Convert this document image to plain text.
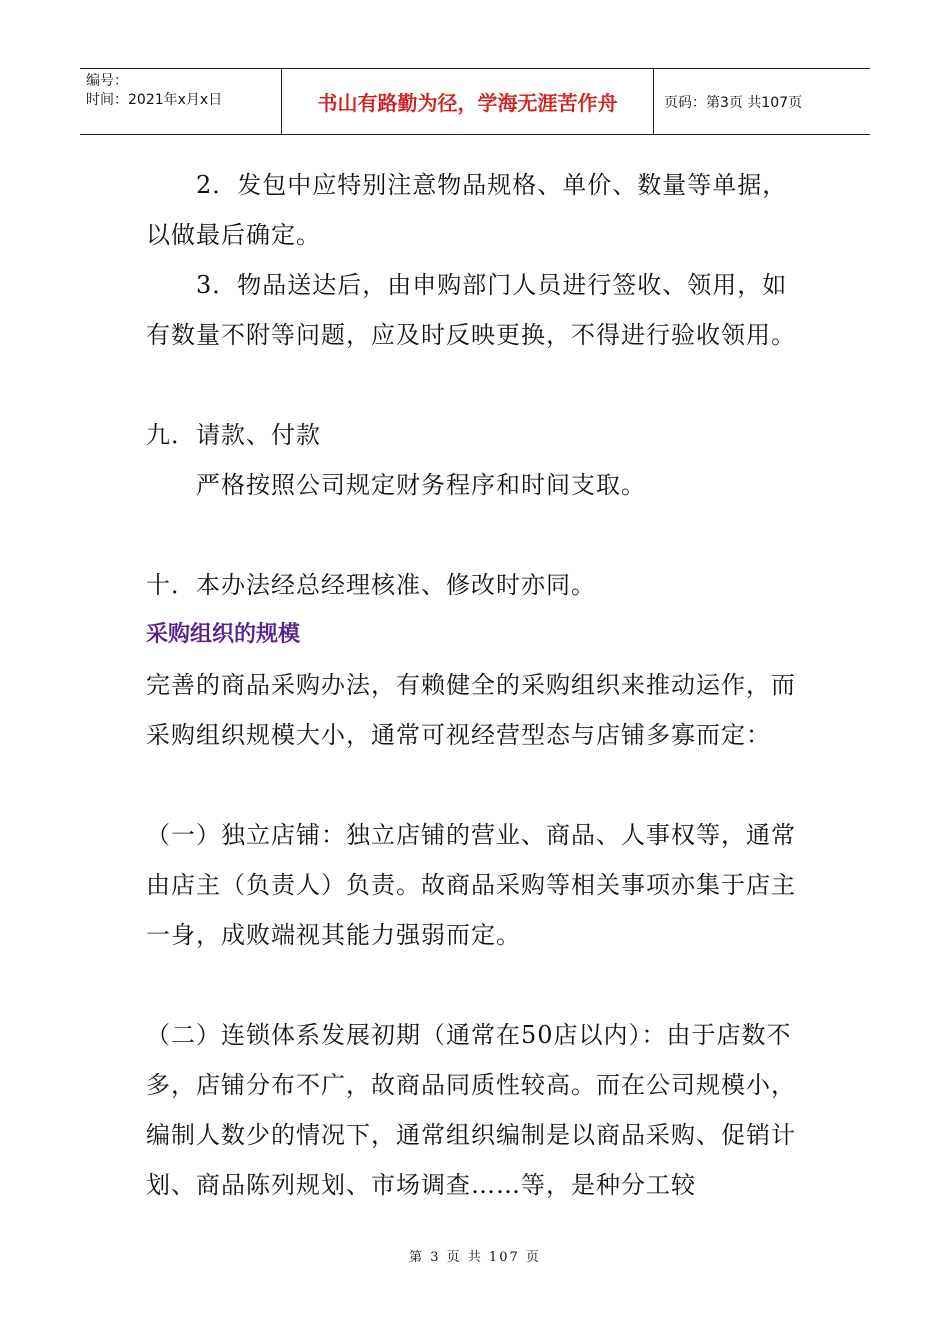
编号：
时间：2021年x月x日	书山有路勤为径，学海无涯苦作舟	页码：第3页 共107页

2．发包中应特别注意物品规格、单价、数量等单据，以做最后确定。

3．物品送达后，由申购部门人员进行签收、领用，如有数量不附等问题，应及时反映更换，不得进行验收领用。

九．请款、付款

严格按照公司规定财务程序和时间支取。

十．本办法经总经理核准、修改时亦同。

采购组织的规模

完善的商品采购办法，有赖健全的采购组织来推动运作，而采购组织规模大小，通常可视经营型态与店铺多寡而定：

（一）独立店铺：独立店铺的营业、商品、人事权等，通常由店主（负责人）负责。故商品采购等相关事项亦集于店主一身，成败端视其能力强弱而定。

（二）连锁体系发展初期（通常在50店以内）：由于店数不多，店铺分布不广，故商品同质性较高。而在公司规模小，编制人数少的情况下，通常组织编制是以商品采购、促销计划、商品陈列规划、市场调查……等，是种分工较

第 3 页 共 107 页
